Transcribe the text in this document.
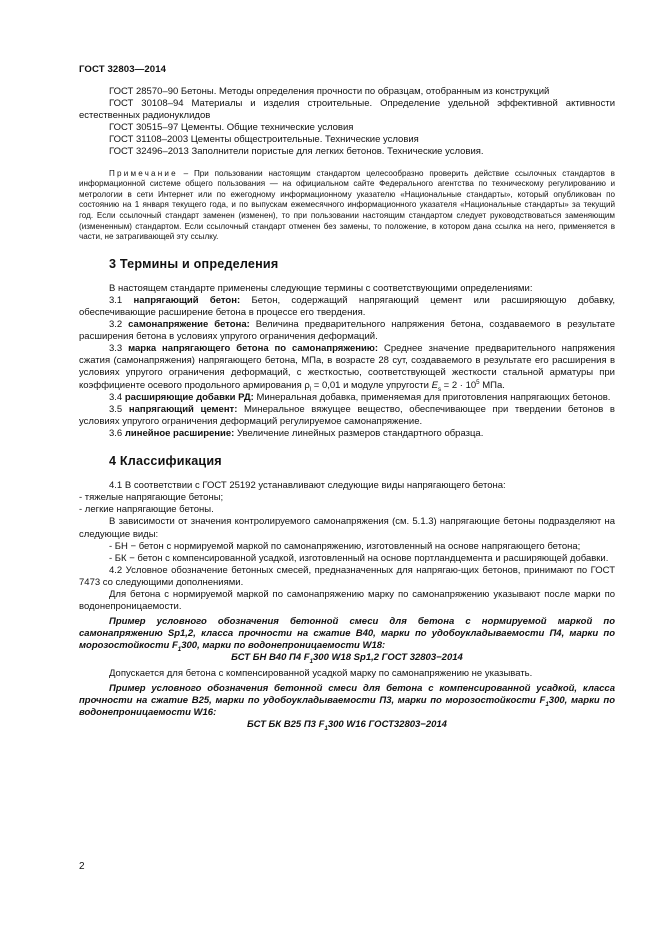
ГОСТ 32803—2014

ГОСТ 28570–90 Бетоны. Методы определения прочности по образцам, отобранным из конструкций

ГОСТ 30108–94 Материалы и изделия строительные. Определение удельной эффективной активности естественных радионуклидов

ГОСТ 30515–97 Цементы. Общие технические условия

ГОСТ 31108–2003 Цементы общестроительные. Технические условия

ГОСТ 32496–2013 Заполнители пористые для легких бетонов. Технические условия.

Примечание – При пользовании настоящим стандартом целесообразно проверить действие ссылочных стандартов в информационной системе общего пользования — на официальном сайте Федерального агентства по техническому регулированию и метрологии в сети Интернет или по ежегодному информационному указателю «Национальные стандарты», который опубликован по состоянию на 1 января текущего года, и по выпускам ежемесячного информационного указателя «Национальные стандарты» за текущий год. Если ссылочный стандарт заменен (изменен), то при пользовании настоящим стандартом следует руководствоваться заменяющим (измененным) стандартом. Если ссылочный стандарт отменен без замены, то положение, в котором дана ссылка на него, применяется в части, не затрагивающей эту ссылку.

3 Термины и определения

В настоящем стандарте применены следующие термины с соответствующими определениями:

3.1 напрягающий бетон: Бетон, содержащий напрягающий цемент или расширяющую добавку, обеспечивающие расширение бетона в процессе его твердения.

3.2 самонапряжение бетона: Величина предварительного напряжения бетона, создаваемого в результате расширения бетона в условиях упругого ограничения деформаций.

3.3 марка напрягающего бетона по самонапряжению: Среднее значение предварительного напряжения сжатия (самонапряжения) напрягающего бетона, МПа, в возрасте 28 сут, создаваемого в результате его расширения в условиях упругого ограничения деформаций, с жесткостью, соответствующей жесткости стальной арматуры при коэффициенте осевого продольного армирования $\rho_l = 0,01$ и модуле упругости $E_s = 2 \cdot 10^5$ МПа.

3.4 расширяющие добавки РД: Минеральная добавка, применяемая для приготовления напрягающих бетонов.

3.5 напрягающий цемент: Минеральное вяжущее вещество, обеспечивающее при твердении бетонов в условиях упругого ограничения деформаций регулируемое самонапряжение.

3.6 линейное расширение: Увеличение линейных размеров стандартного образца.

4 Классификация

4.1 В соответствии с ГОСТ 25192 устанавливают следующие виды напрягающего бетона:

- тяжелые напрягающие бетоны;

- легкие напрягающие бетоны.

В зависимости от значения контролируемого самонапряжения (см. 5.1.3) напрягающие бетоны подразделяют на следующие виды:

- БН − бетон с нормируемой маркой по самонапряжению, изготовленный на основе напрягающего бетона;

- БК − бетон с компенсированной усадкой, изготовленный на основе портландцемента и расширяющей добавки.

4.2 Условное обозначение бетонных смесей, предназначенных для напрягаю-щих бетонов, принимают по ГОСТ 7473 со следующими дополнениями.

Для бетона с нормируемой маркой по самонапряжению марку по самонапряжению указывают после марки по водонепроницаемости.

Пример условного обозначения бетонной смеси для бетона с нормируемой маркой по самонапряжению Sp1,2, класса прочности на сжатие B40, марки по удобоукладываемости П4, марки по морозостойкости $F_1300$, марки по водонепроницаемости W18:

БСТ БН В40 П4 $F_1300$ W18 Sp1,2 ГОСТ 32803−2014

Допускается для бетона с компенсированной усадкой марку по самонапряжению не указывать.

Пример условного обозначения бетонной смеси для бетона с компенсированной усадкой, класса прочности на сжатие B25, марки по удобоукладываемости П3, марки по морозостойкости $F_1300$, марки по водонепроницаемости W16:

БСТ БК В25 П3 $F_1300$ W16 ГОСТ32803−2014

2
